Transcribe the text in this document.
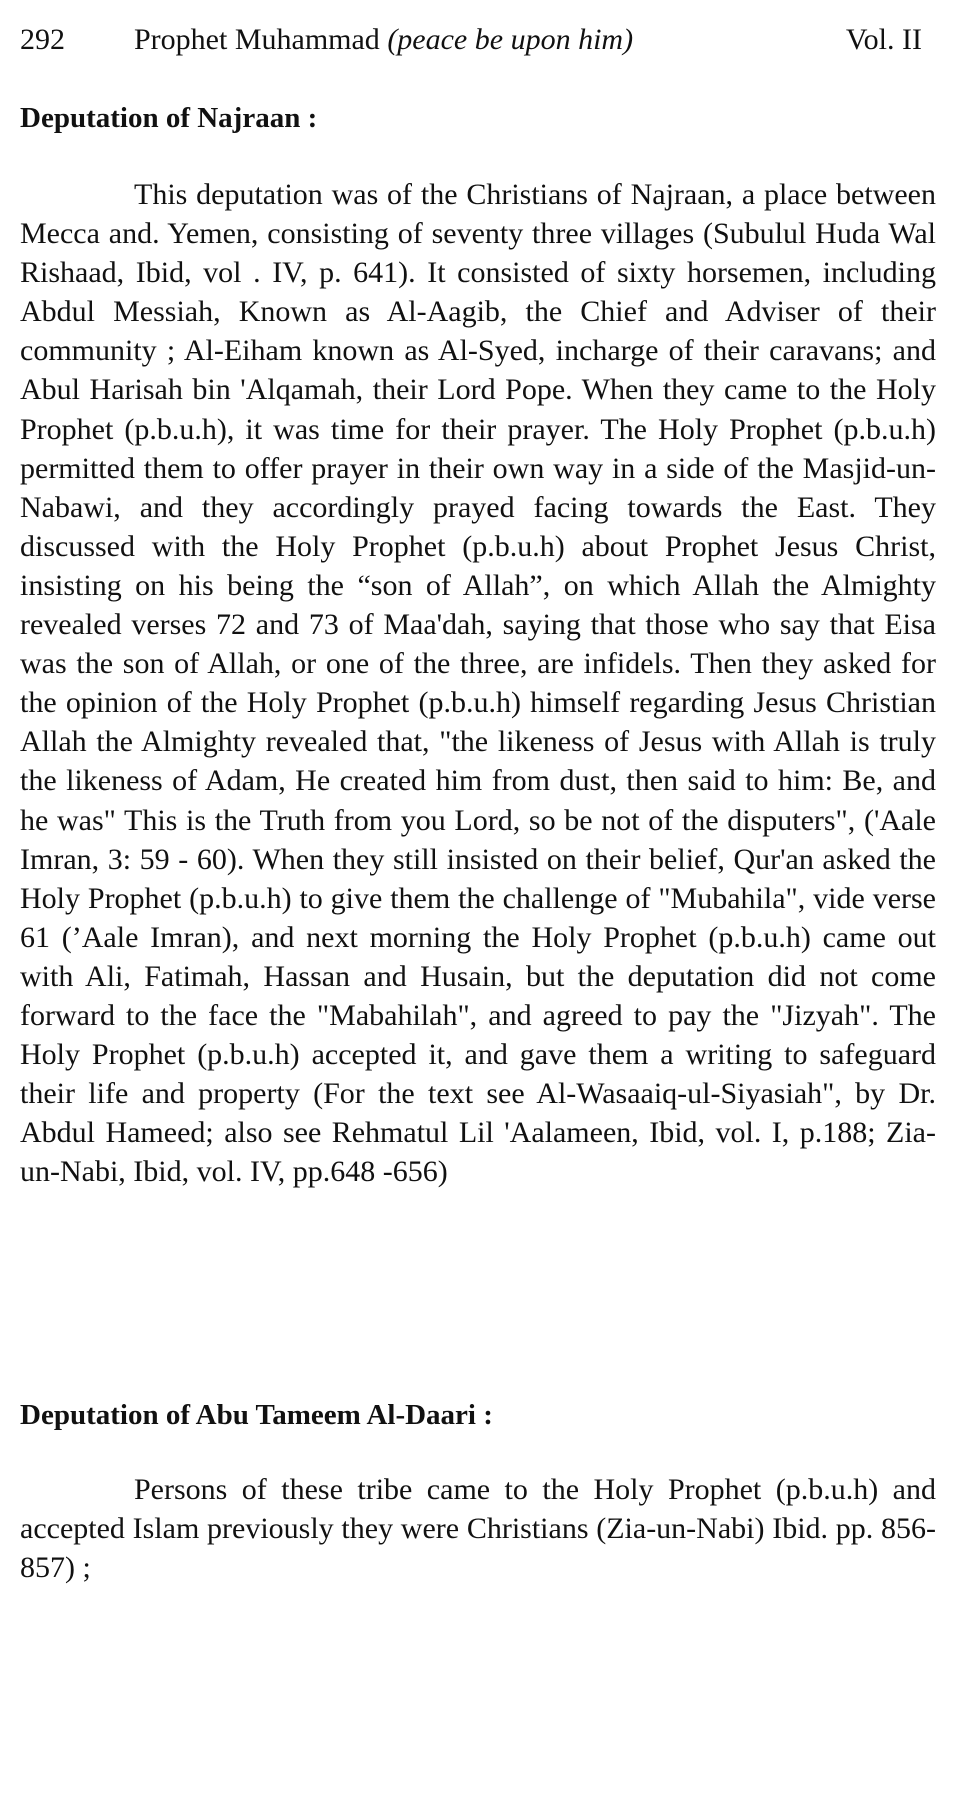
292 Prophet Muhammad (peace be upon him)	Vol. II
Deputation of Najraan :

This deputation was of the Christians of Najraan, a place between Mecca and. Yemen, consisting of seventy three villages (Subulul Huda Wal Rishaad, Ibid, vol . IV, p. 641). It consisted of sixty horsemen, including Abdul Messiah, Known as Al-Aagib, the Chief and Adviser of their community ; Al-Eiham known as Al-Syed, incharge of their caravans; and Abul Harisah bin 'Alqamah, their Lord Pope. When they came to the Holy Prophet (p.b.u.h), it was time for their prayer. The Holy Prophet (p.b.u.h) permitted them to offer prayer in their own way in a side of the Masjid-un-Nabawi, and they accordingly prayed facing towards the East. They discussed with the Holy Prophet (p.b.u.h) about Prophet Jesus Christ, insisting on his being the “son of Allah”, on which Allah the Almighty revealed verses 72 and 73 of Maa'dah, saying that those who say that Eisa was the son of Allah, or one of the three, are infidels. Then they asked for the opinion of the Holy Prophet (p.b.u.h) himself regarding Jesus Christian Allah the Almighty revealed that, "the likeness of Jesus with Allah is truly the likeness of Adam, He created him from dust, then said to him: Be, and he was" This is the Truth from you Lord, so be not of the disputers", ('Aale Imran, 3: 59 - 60). When they still insisted on their belief, Qur'an asked the Holy Prophet (p.b.u.h) to give them the challenge of "Mubahila", vide verse 61 (’Aale Imran), and next morning the Holy Prophet (p.b.u.h) came out with Ali, Fatimah, Hassan and Husain, but the deputation did not come forward to the face the "Mabahilah", and agreed to pay the "Jizyah". The Holy Prophet (p.b.u.h) accepted it, and gave them a writing to safeguard their life and property (For the text see Al-Wasaaiq-ul-Siyasiah", by Dr. Abdul Hameed; also see Rehmatul Lil 'Aalameen, Ibid, vol. I, p.188; Zia-un-Nabi, Ibid, vol. IV, pp.648 -656)

Deputation of Abu Tameem Al-Daari :

Persons of these tribe came to the Holy Prophet (p.b.u.h) and accepted Islam previously they were Christians (Zia-un-Nabi) Ibid. pp. 856-857) ;
